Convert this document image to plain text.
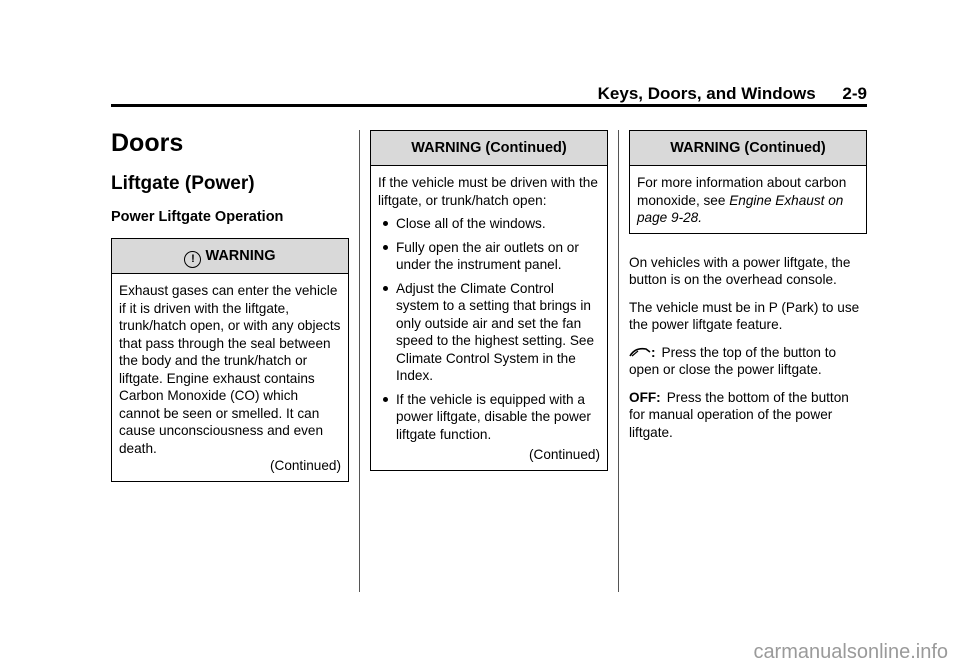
Keys, Doors, and Windows 2-9
Doors
Liftgate (Power)
Power Liftgate Operation
! WARNING

Exhaust gases can enter the vehicle if it is driven with the liftgate, trunk/hatch open, or with any objects that pass through the seal between the body and the trunk/hatch or liftgate. Engine exhaust contains Carbon Monoxide (CO) which cannot be seen or smelled. It can cause unconsciousness and even death.

(Continued)

WARNING (Continued)

If the vehicle must be driven with the liftgate, or trunk/hatch open:

Close all of the windows.
Fully open the air outlets on or under the instrument panel.
Adjust the Climate Control system to a setting that brings in only outside air and set the fan speed to the highest setting. See Climate Control System in the Index.
If the vehicle is equipped with a power liftgate, disable the power liftgate function.

(Continued)

WARNING (Continued)

For more information about carbon monoxide, see Engine Exhaust on page 9-28.

On vehicles with a power liftgate, the button is on the overhead console.

The vehicle must be in P (Park) to use the power liftgate feature.

: Press the top of the button to open or close the power liftgate.

OFF: Press the bottom of the button for manual operation of the power liftgate.

carmanualsonline.info
